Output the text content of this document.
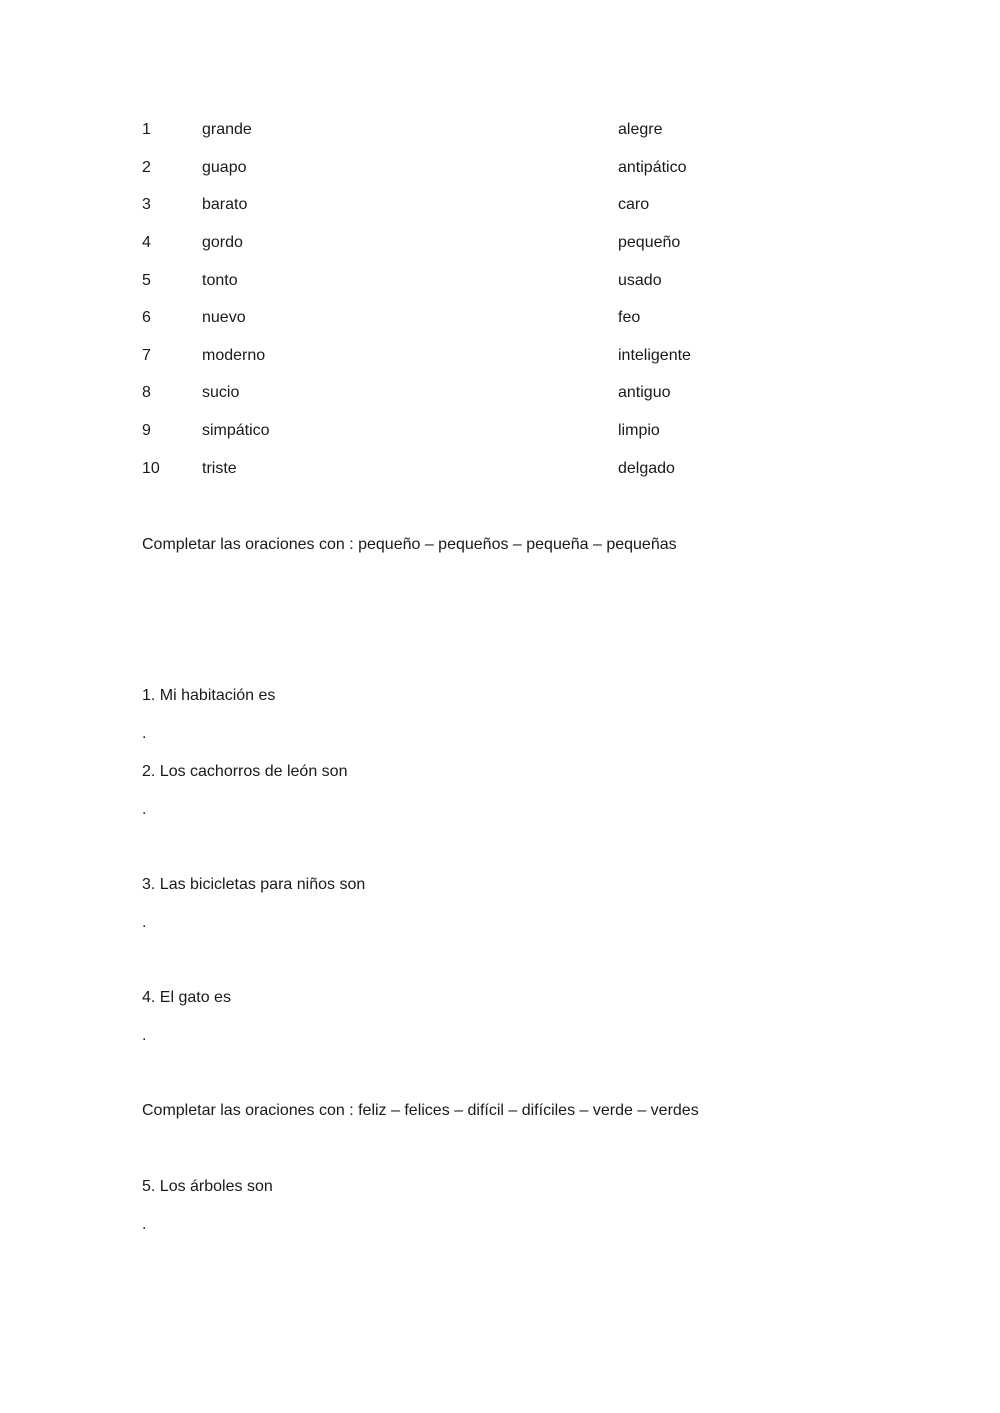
1	grande	alegre
2	guapo	antipático
3	barato	caro
4	gordo	pequeño
5	tonto	usado
6	nuevo	feo
7	moderno	inteligente
8	sucio	antiguo
9	simpático	limpio
10	triste	delgado
Completar las oraciones con : pequeño – pequeños – pequeña – pequeñas
1. Mi habitación es
.
2. Los cachorros de león son
.
3. Las bicicletas para niños son
.
4. El gato es
.
Completar las oraciones con : feliz – felices – difícil – difíciles – verde – verdes
5. Los árboles son
.
